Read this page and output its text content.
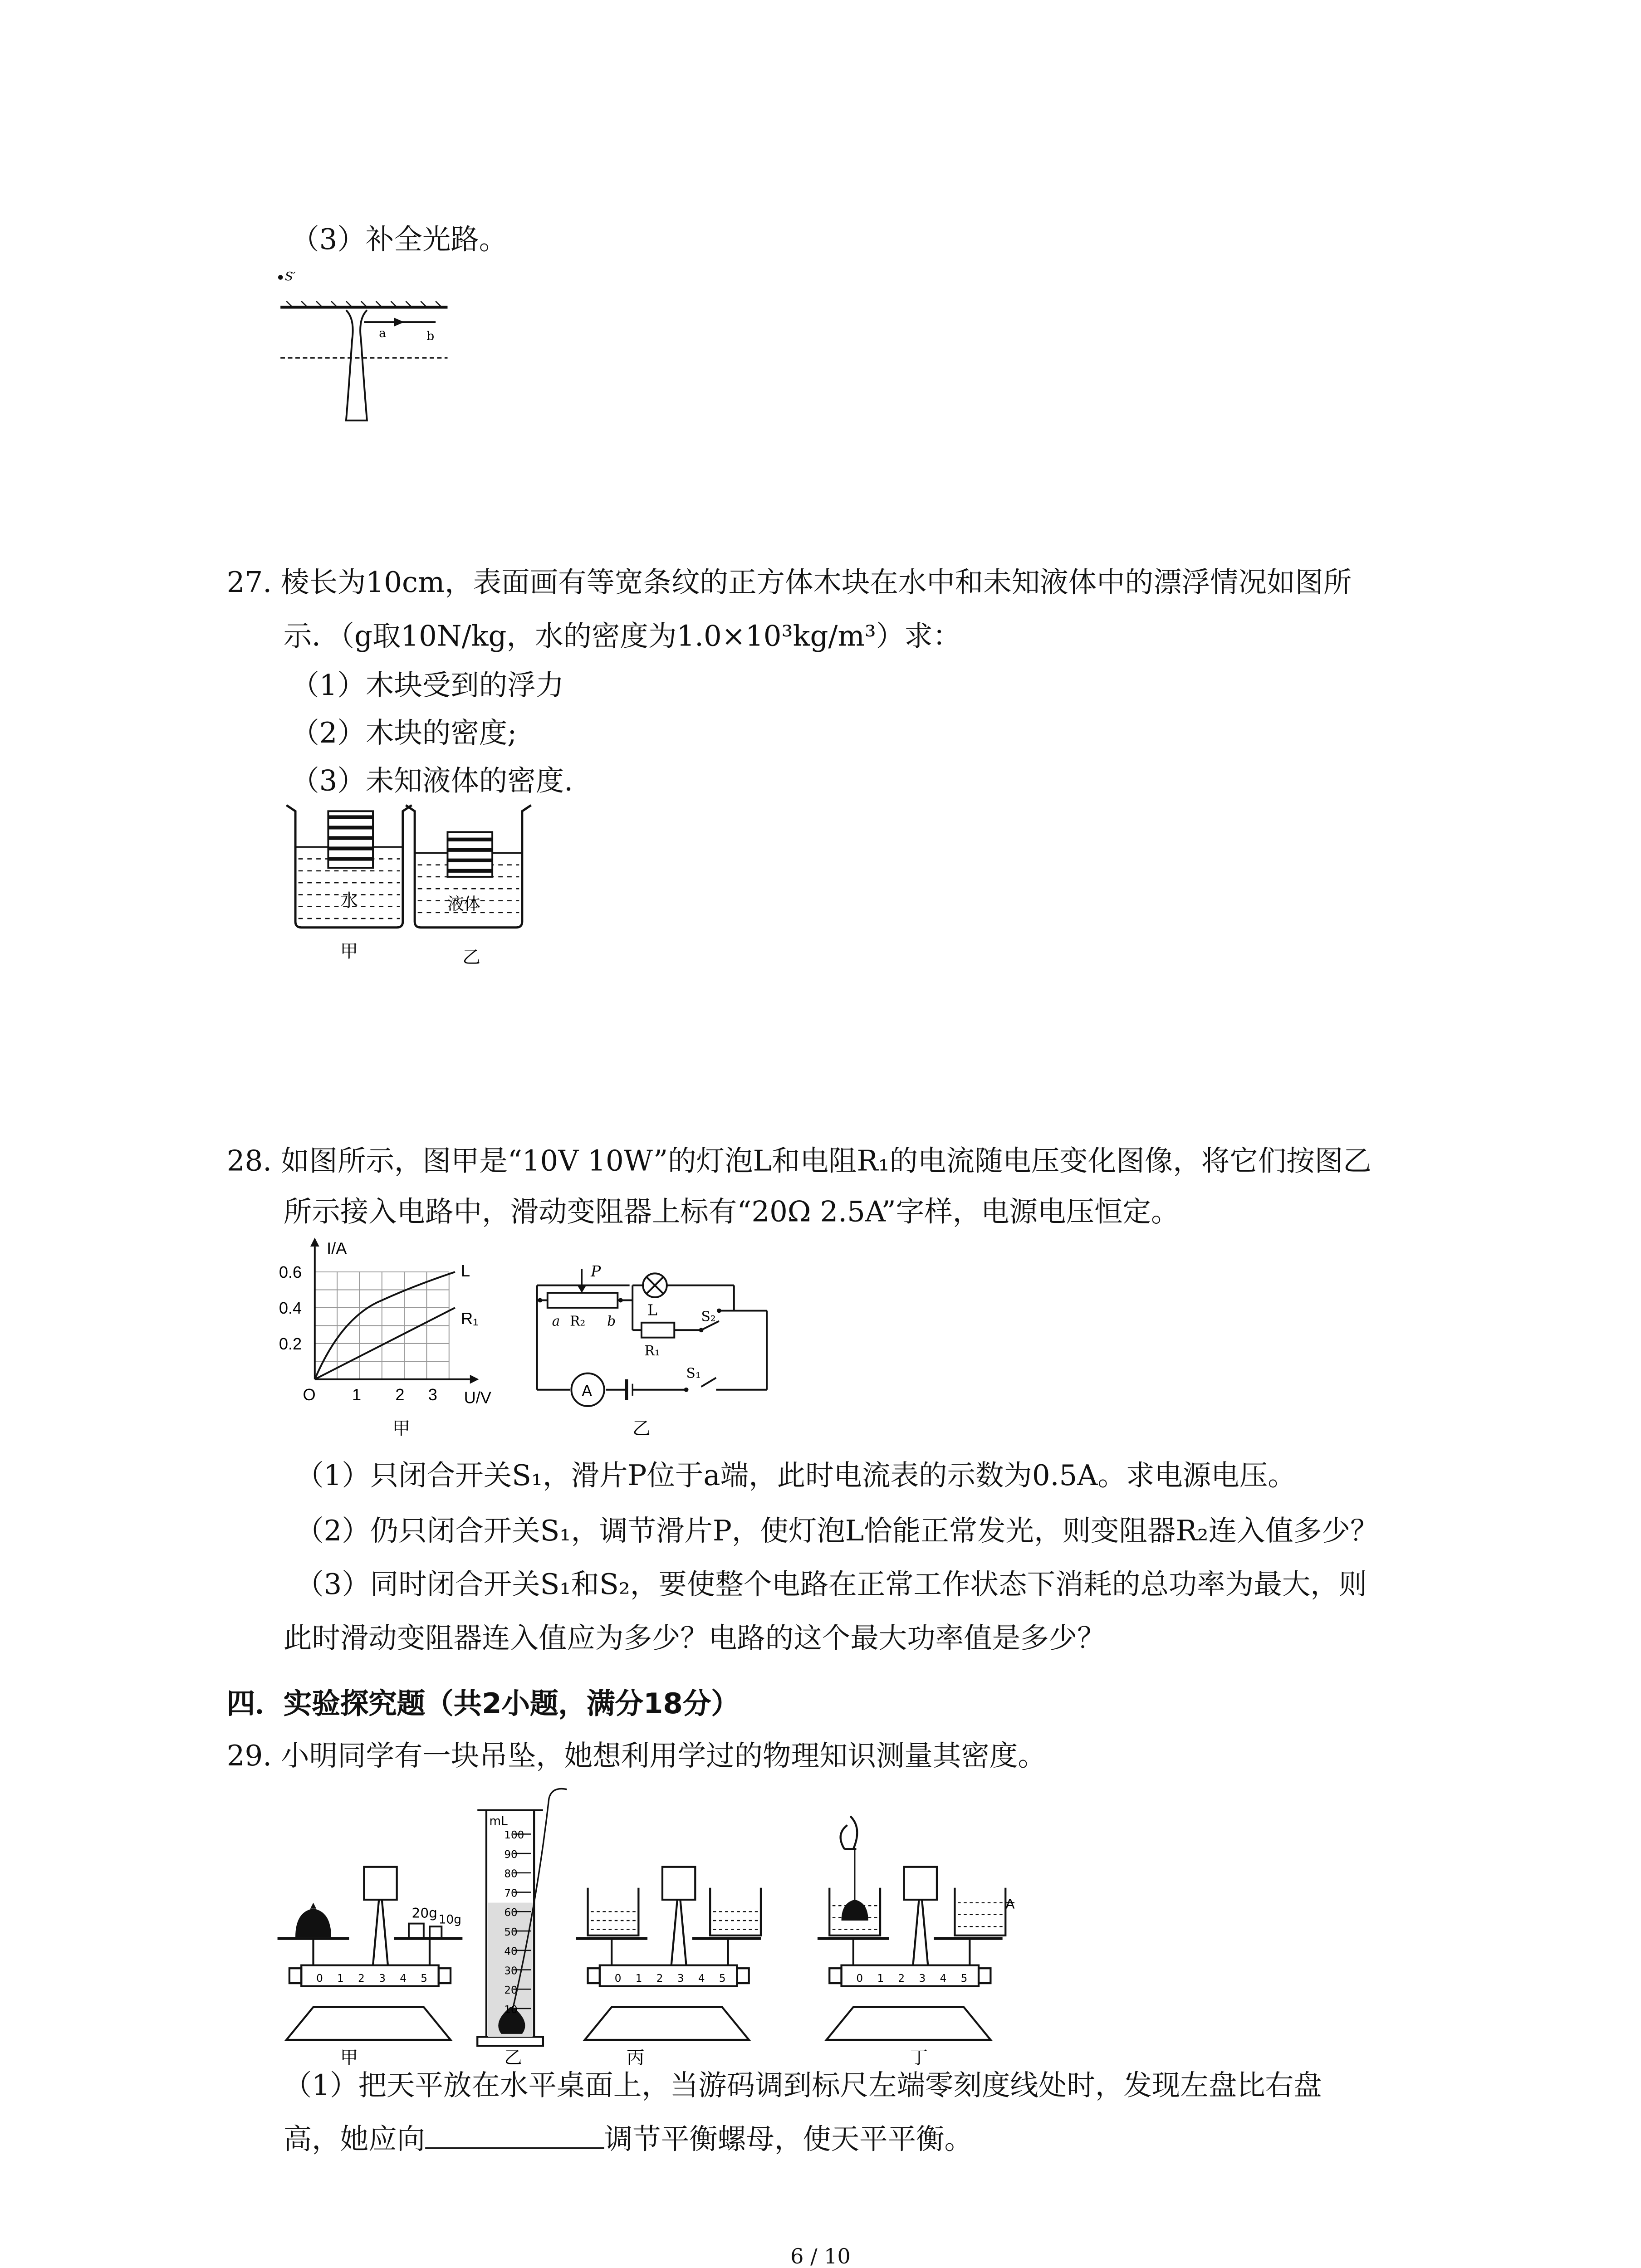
（3）补全光路。
S′
a	b
27. 棱长为10cm，表面画有等宽条纹的正方体木块在水中和未知液体中的漂浮情况如图所
示．（g取10N/kg，水的密度为1.0×10³kg/m³）求：
（1）木块受到的浮力
（2）木块的密度;
（3）未知液体的密度.
水	液体
甲	乙
28. 如图所示，图甲是“10V 10W”的灯泡L和电阻R₁的电流随电压变化图像，将它们按图乙
所示接入电路中，滑动变阻器上标有“20Ω 2.5A”字样，电源电压恒定。
I/A
0.6
0.4
0.2
O	1	2	3	U/V
L
R₁
甲
P
a R₂	b
L
R₁
S₂
S₁
A
乙
（1）只闭合开关S₁，滑片P位于a端，此时电流表的示数为0.5A。求电源电压。
（2）仍只闭合开关S₁，调节滑片P，使灯泡L恰能正常发光，则变阻器R₂连入值多少？
（3）同时闭合开关S₁和S₂，要使整个电路在正常工作状态下消耗的总功率为最大，则
此时滑动变阻器连入值应为多少？电路的这个最大功率值是多少？
四．实验探究题（共2小题，满分18分）
29. 小明同学有一块吊坠，她想利用学过的物理知识测量其密度。
20g 10g
0	1	2	3	4	5
甲
mL
100
90
80
70
60
50
40
30
20
10
乙
0	1	2	3	4	5
丙
A
0	1	2	3	4	5
丁
（1）把天平放在水平桌面上，当游码调到标尺左端零刻度线处时，发现左盘比右盘
高，她应向	调节平衡螺母，使天平平衡。
6 / 10
